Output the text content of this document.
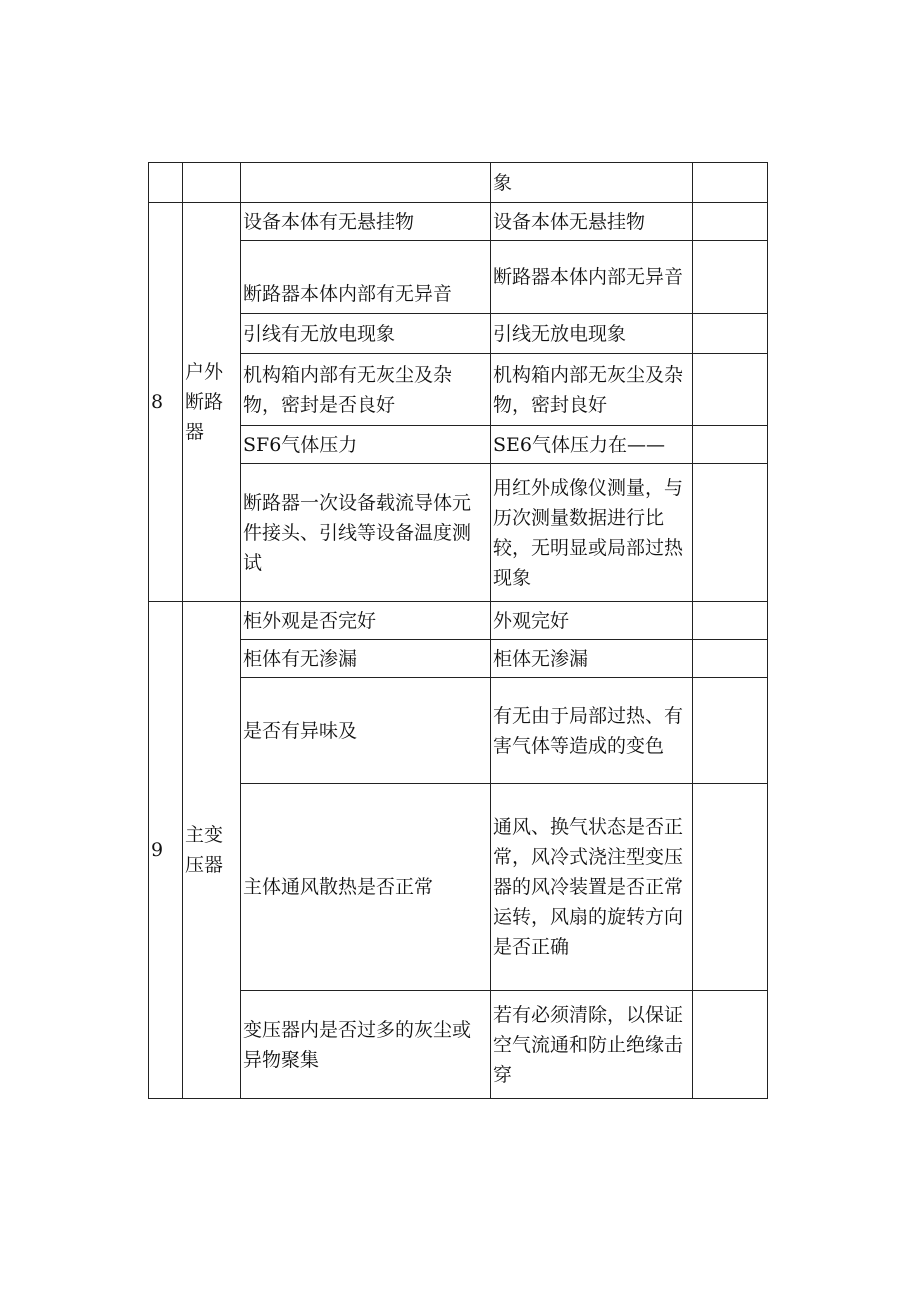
			象	
8	户外断路器	设备本体有无悬挂物	设备本体无悬挂物	
		断路器本体内部有无异音	断路器本体内部无异音	
		引线有无放电现象	引线无放电现象	
		机构箱内部有无灰尘及杂物，密封是否良好	机构箱内部无灰尘及杂物，密封良好	
		SF6气体压力	SE6气体压力在——	
		断路器一次设备载流导体元件接头、引线等设备温度测试	用红外成像仪测量，与历次测量数据进行比较，无明显或局部过热现象	
9	主变压器	柜外观是否完好	外观完好	
		柜体有无渗漏	柜体无渗漏	
		是否有异味及	有无由于局部过热、有害气体等造成的变色	
		主体通风散热是否正常	通风、换气状态是否正常，风冷式浇注型变压器的风冷装置是否正常运转，风扇的旋转方向是否正确	
		变压器内是否过多的灰尘或异物聚集	若有必须清除，以保证空气流通和防止绝缘击穿	
